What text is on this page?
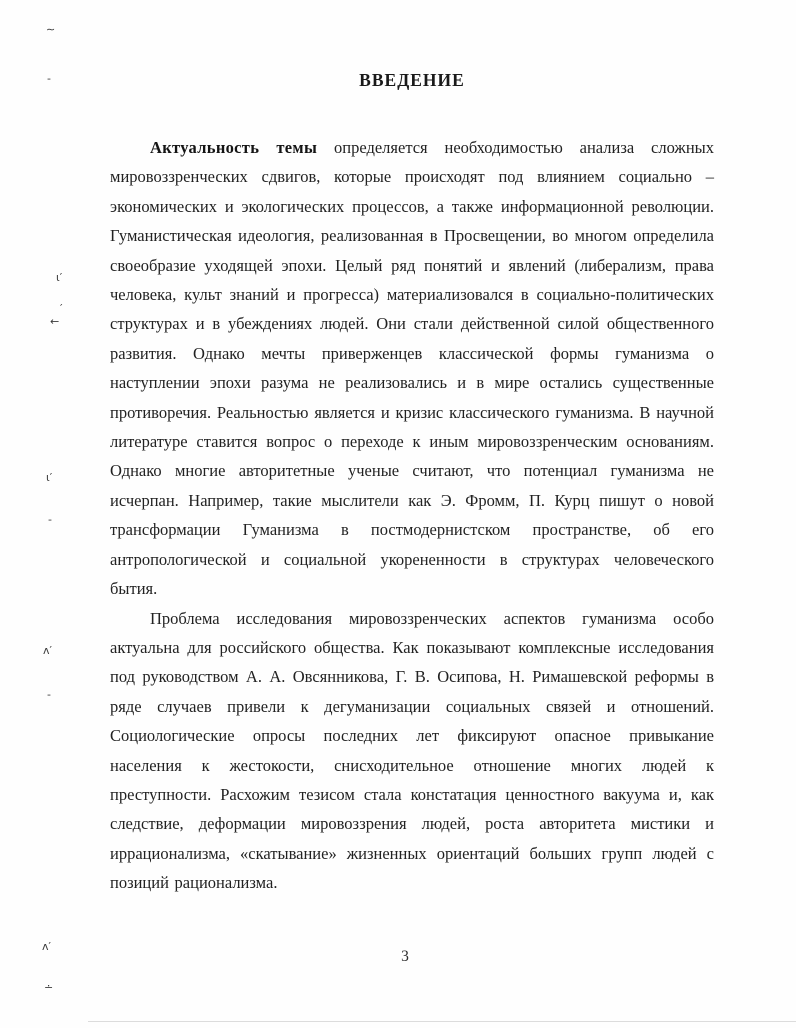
ВВЕДЕНИЕ

Актуальность темы определяется необходимостью анализа сложных мировоззренческих сдвигов, которые происходят под влиянием социально – экономических и экологических процессов, а также информационной революции. Гуманистическая идеология, реализованная в Просвещении, во многом определила своеобразие уходящей эпохи. Целый ряд понятий и явлений (либерализм, права человека, культ знаний и прогресса) материализовался в социально-политических структурах и в убеждениях людей. Они стали действенной силой общественного развития. Однако мечты приверженцев классической формы гуманизма о наступлении эпохи разума не реализовались и в мире остались существенные противоречия. Реальностью является и кризис классического гуманизма. В научной литературе ставится вопрос о переходе к иным мировоззренческим основаниям. Однако многие авторитетные ученые считают, что потенциал гуманизма не исчерпан. Например, такие мыслители как Э. Фромм, П. Курц пишут о новой трансформации Гуманизма в постмодернистском пространстве, об его антропологической и социальной укорененности в структурах человеческого бытия.

Проблема исследования мировоззренческих аспектов гуманизма особо актуальна для российского общества. Как показывают комплексные исследования под руководством А. А. Овсянникова, Г. В. Осипова, Н. Римашевской реформы в ряде случаев привели к дегуманизации социальных связей и отношений. Социологические опросы последних лет фиксируют опасное привыкание населения к жестокости, снисходительное отношение многих людей к преступности. Расхожим тезисом стала констатация ценностного вакуума и, как следствие, деформации мировоззрения людей, роста авторитета мистики и иррационализма, «скатывание» жизненных ориентаций больших групп людей с позиций рационализма.

3
∼
‐
ι′
′
←
ι′
‐
ʌ′
‐
ʌ′
∸
